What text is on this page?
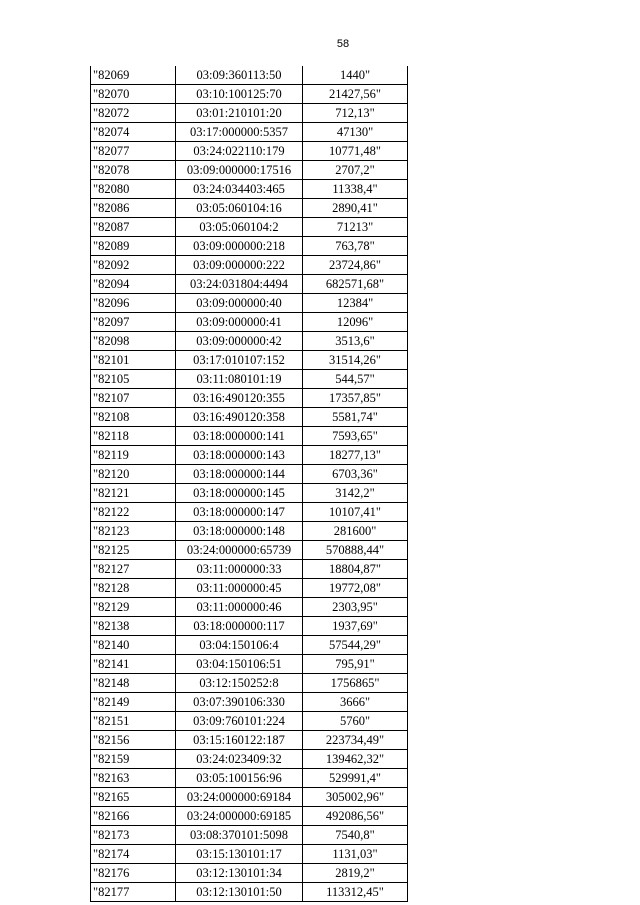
58
"82069	03:09:360113:50	1440"
"82070	03:10:100125:70	21427,56"
"82072	03:01:210101:20	712,13"
"82074	03:17:000000:5357	47130"
"82077	03:24:022110:179	10771,48"
"82078	03:09:000000:17516	2707,2"
"82080	03:24:034403:465	11338,4"
"82086	03:05:060104:16	2890,41"
"82087	03:05:060104:2	71213"
"82089	03:09:000000:218	763,78"
"82092	03:09:000000:222	23724,86"
"82094	03:24:031804:4494	682571,68"
"82096	03:09:000000:40	12384"
"82097	03:09:000000:41	12096"
"82098	03:09:000000:42	3513,6"
"82101	03:17:010107:152	31514,26"
"82105	03:11:080101:19	544,57"
"82107	03:16:490120:355	17357,85"
"82108	03:16:490120:358	5581,74"
"82118	03:18:000000:141	7593,65"
"82119	03:18:000000:143	18277,13"
"82120	03:18:000000:144	6703,36"
"82121	03:18:000000:145	3142,2"
"82122	03:18:000000:147	10107,41"
"82123	03:18:000000:148	281600"
"82125	03:24:000000:65739	570888,44"
"82127	03:11:000000:33	18804,87"
"82128	03:11:000000:45	19772,08"
"82129	03:11:000000:46	2303,95"
"82138	03:18:000000:117	1937,69"
"82140	03:04:150106:4	57544,29"
"82141	03:04:150106:51	795,91"
"82148	03:12:150252:8	1756865"
"82149	03:07:390106:330	3666"
"82151	03:09:760101:224	5760"
"82156	03:15:160122:187	223734,49"
"82159	03:24:023409:32	139462,32"
"82163	03:05:100156:96	529991,4"
"82165	03:24:000000:69184	305002,96"
"82166	03:24:000000:69185	492086,56"
"82173	03:08:370101:5098	7540,8"
"82174	03:15:130101:17	1131,03"
"82176	03:12:130101:34	2819,2"
"82177	03:12:130101:50	113312,45"
